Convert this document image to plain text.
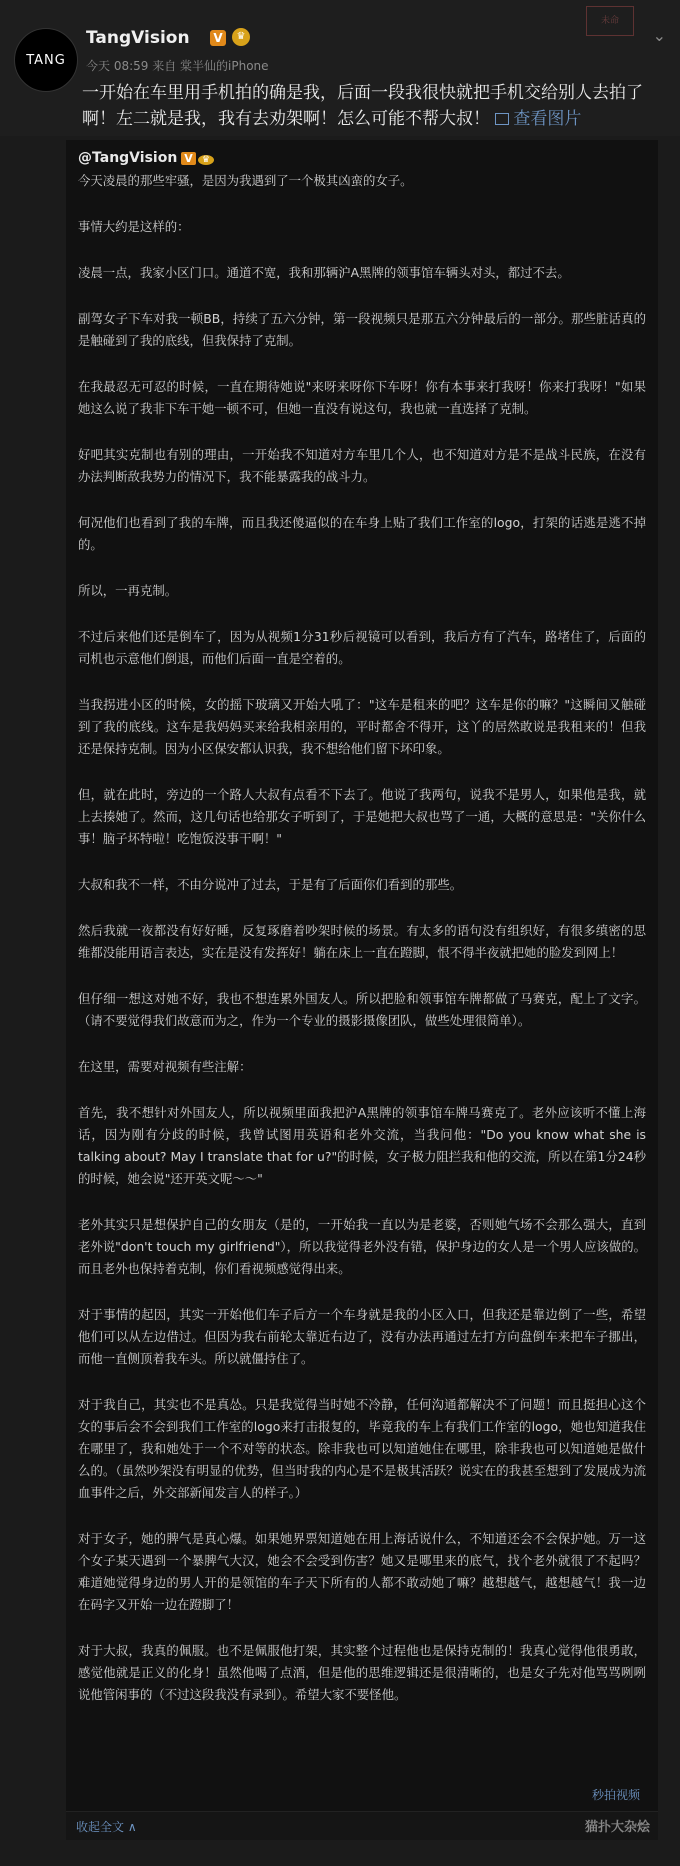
未命
TANG
TangVision V	♛
今天 08:59 来自 棠半仙的iPhone
⌄
一开始在车里用手机拍的确是我，后面一段我很快就把手机交给别人去拍了啊！左二就是我，我有去劝架啊！怎么可能不帮大叔！ 查看图片
@TangVision V ♛

今天凌晨的那些牢骚，是因为我遇到了一个极其凶蛮的女子。

事情大约是这样的：

凌晨一点，我家小区门口。通道不宽，我和那辆沪A黑牌的领事馆车辆头对头，都过不去。

副驾女子下车对我一顿BB，持续了五六分钟，第一段视频只是那五六分钟最后的一部分。那些脏话真的是触碰到了我的底线，但我保持了克制。

在我最忍无可忍的时候，一直在期待她说"来呀来呀你下车呀！你有本事来打我呀！你来打我呀！"如果她这么说了我非下车干她一顿不可，但她一直没有说这句，我也就一直选择了克制。

好吧其实克制也有别的理由，一开始我不知道对方车里几个人，也不知道对方是不是战斗民族，在没有办法判断敌我势力的情况下，我不能暴露我的战斗力。

何况他们也看到了我的车牌，而且我还傻逼似的在车身上贴了我们工作室的logo，打架的话逃是逃不掉的。

所以，一再克制。

不过后来他们还是倒车了，因为从视频1分31秒后视镜可以看到，我后方有了汽车，路堵住了，后面的司机也示意他们倒退，而他们后面一直是空着的。

当我拐进小区的时候，女的摇下玻璃又开始大吼了："这车是租来的吧？这车是你的嘛？"这瞬间又触碰到了我的底线。这车是我妈妈买来给我相亲用的，平时都舍不得开，这丫的居然敢说是我租来的！但我还是保持克制。因为小区保安都认识我，我不想给他们留下坏印象。

但，就在此时，旁边的一个路人大叔有点看不下去了。他说了我两句，说我不是男人，如果他是我，就上去揍她了。然而，这几句话也给那女子听到了，于是她把大叔也骂了一通，大概的意思是："关你什么事！脑子坏特啦！吃饱饭没事干啊！"

大叔和我不一样，不由分说冲了过去，于是有了后面你们看到的那些。

然后我就一夜都没有好好睡，反复琢磨着吵架时候的场景。有太多的语句没有组织好，有很多缜密的思维都没能用语言表达，实在是没有发挥好！躺在床上一直在蹬脚，恨不得半夜就把她的脸发到网上！

但仔细一想这对她不好，我也不想连累外国友人。所以把脸和领事馆车牌都做了马赛克，配上了文字。（请不要觉得我们故意而为之，作为一个专业的摄影摄像团队，做些处理很简单）。

在这里，需要对视频有些注解：

首先，我不想针对外国友人，所以视频里面我把沪A黑牌的领事馆车牌马赛克了。老外应该听不懂上海话，因为刚有分歧的时候，我曾试图用英语和老外交流，当我问他："Do you know what she is talking about? May I translate that for u?"的时候，女子极力阻拦我和他的交流，所以在第1分24秒的时候，她会说"还开英文呢～～"

老外其实只是想保护自己的女朋友（是的，一开始我一直以为是老婆，否则她气场不会那么强大，直到老外说"don't touch my girlfriend"），所以我觉得老外没有错，保护身边的女人是一个男人应该做的。而且老外也保持着克制，你们看视频感觉得出来。

对于事情的起因，其实一开始他们车子后方一个车身就是我的小区入口，但我还是靠边倒了一些，希望他们可以从左边借过。但因为我右前轮太靠近右边了，没有办法再通过左打方向盘倒车来把车子挪出，而他一直侧顶着我车头。所以就僵持住了。

对于我自己，其实也不是真怂。只是我觉得当时她不冷静，任何沟通都解决不了问题！而且挺担心这个女的事后会不会到我们工作室的logo来打击报复的，毕竟我的车上有我们工作室的logo，她也知道我住在哪里了，我和她处于一个不对等的状态。除非我也可以知道她住在哪里，除非我也可以知道她是做什么的。（虽然吵架没有明显的优势，但当时我的内心是不是极其活跃？说实在的我甚至想到了发展成为流血事件之后，外交部新闻发言人的样子。）

对于女子，她的脾气是真心爆。如果她界票知道她在用上海话说什么，不知道还会不会保护她。万一这个女子某天遇到一个暴脾气大汉，她会不会受到伤害？她又是哪里来的底气，找个老外就很了不起吗？难道她觉得身边的男人开的是领馆的车子天下所有的人都不敢动她了嘛？越想越气，越想越气！我一边在码字又开始一边在蹬脚了！

对于大叔，我真的佩服。也不是佩服他打架，其实整个过程他也是保持克制的！我真心觉得他很勇敢，感觉他就是正义的化身！虽然他喝了点酒，但是他的思维逻辑还是很清晰的，也是女子先对他骂骂咧咧说他管闲事的（不过这段我没有录到）。希望大家不要怪他。

秒拍视频
收起全文 ∧	猫扑大杂烩
